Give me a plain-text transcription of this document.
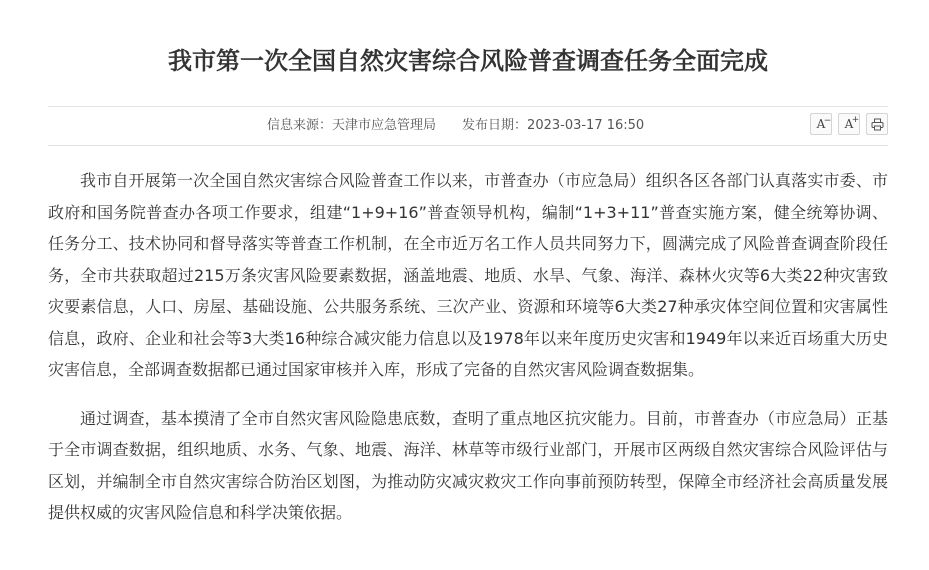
我市第一次全国自然灾害综合风险普查调查任务全面完成
信息来源：天津市应急管理局 发布日期：2023-03-17 16:50	A
− A
+

我市自开展第一次全国自然灾害综合风险普查工作以来，市普查办（市应急局）组织各区各部门认真落实市委、市政府和国务院普查办各项工作要求，组建“1+9+16”普查领导机构，编制“1+3+11”普查实施方案，健全统筹协调、任务分工、技术协同和督导落实等普查工作机制，在全市近万名工作人员共同努力下，圆满完成了风险普查调查阶段任务，全市共获取超过215万条灾害风险要素数据，涵盖地震、地质、水旱、气象、海洋、森林火灾等6大类22种灾害致灾要素信息，人口、房屋、基础设施、公共服务系统、三次产业、资源和环境等6大类27种承灾体空间位置和灾害属性信息，政府、企业和社会等3大类16种综合减灾能力信息以及1978年以来年度历史灾害和1949年以来近百场重大历史灾害信息，全部调查数据都已通过国家审核并入库，形成了完备的自然灾害风险调查数据集。

通过调查，基本摸清了全市自然灾害风险隐患底数，查明了重点地区抗灾能力。目前，市普查办（市应急局）正基于全市调查数据，组织地质、水务、气象、地震、海洋、林草等市级行业部门，开展市区两级自然灾害综合风险评估与区划，并编制全市自然灾害综合防治区划图，为推动防灾减灾救灾工作向事前预防转型，保障全市经济社会高质量发展提供权威的灾害风险信息和科学决策依据。
